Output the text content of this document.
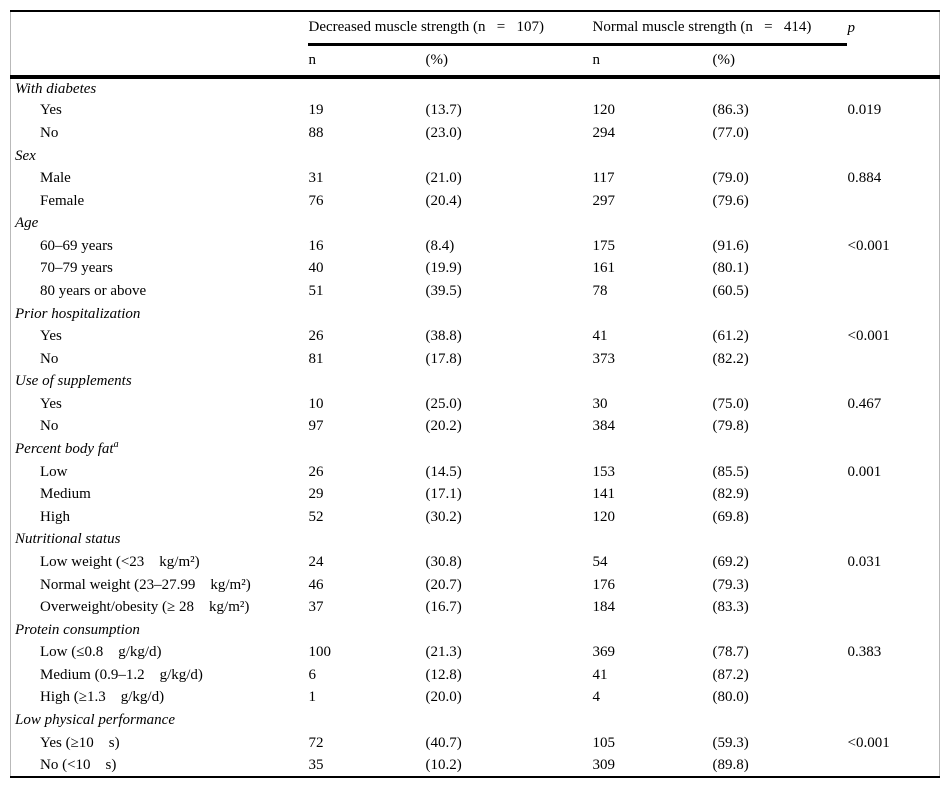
	Decreased muscle strength (n   =   107)		Normal muscle strength (n   =   414)		p
	n	(%)	n	(%)	
With diabetes					
Yes	19	(13.7)	120	(86.3)	0.019
No	88	(23.0)	294	(77.0)	
Sex					
Male	31	(21.0)	117	(79.0)	0.884
Female	76	(20.4)	297	(79.6)	
Age					
60–69 years	16	(8.4)	175	(91.6)	<0.001
70–79 years	40	(19.9)	161	(80.1)	
80 years or above	51	(39.5)	78	(60.5)	
Prior hospitalization					
Yes	26	(38.8)	41	(61.2)	<0.001
No	81	(17.8)	373	(82.2)	
Use of supplements					
Yes	10	(25.0)	30	(75.0)	0.467
No	97	(20.2)	384	(79.8)	
Percent body fat$^a$					
Low	26	(14.5)	153	(85.5)	0.001
Medium	29	(17.1)	141	(82.9)	
High	52	(30.2)	120	(69.8)	
Nutritional status					
Low weight (<23    kg/m²)	24	(30.8)	54	(69.2)	0.031
Normal weight (23–27.99    kg/m²)	46	(20.7)	176	(79.3)	
Overweight/obesity (≥ 28    kg/m²)	37	(16.7)	184	(83.3)	
Protein consumption					
Low (≤0.8    g/kg/d)	100	(21.3)	369	(78.7)	0.383
Medium (0.9–1.2    g/kg/d)	6	(12.8)	41	(87.2)	
High (≥1.3    g/kg/d)	1	(20.0)	4	(80.0)	
Low physical performance					
Yes (≥10    s)	72	(40.7)	105	(59.3)	<0.001
No (<10    s)	35	(10.2)	309	(89.8)	
